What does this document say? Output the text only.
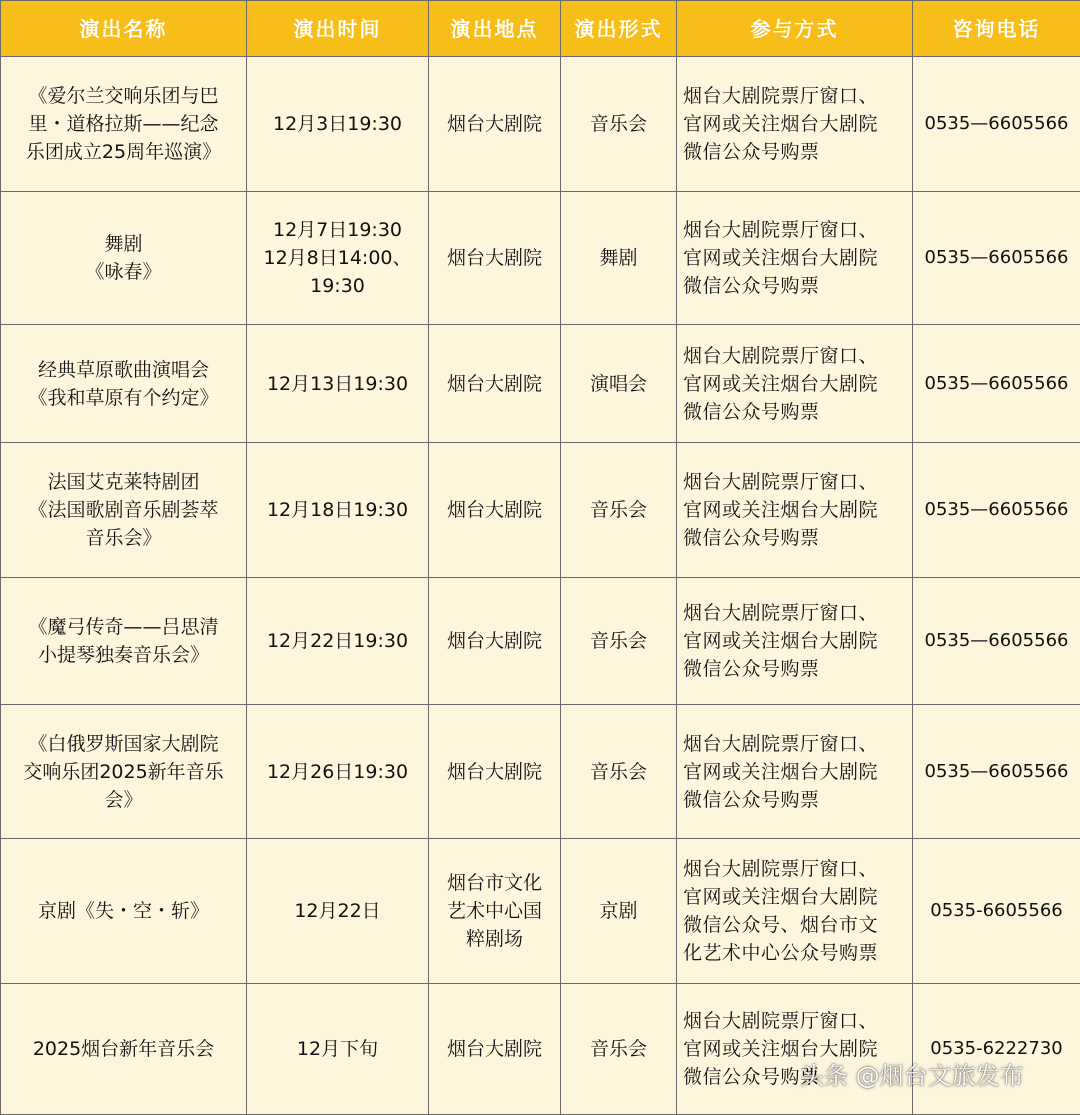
演出名称	演出时间	演出地点	演出形式	参与方式	咨询电话

《爱尔兰交响乐团与巴
里・道格拉斯——纪念
乐团成立25周年巡演》	12月3日19:30	烟台大剧院	音乐会	烟台大剧院票厅窗口、
官网或关注烟台大剧院
微信公众号购票	0535—6605566

舞剧
《咏春》	12月7日19:30
12月8日14:00、
19:30	烟台大剧院	舞剧	烟台大剧院票厅窗口、
官网或关注烟台大剧院
微信公众号购票	0535—6605566

经典草原歌曲演唱会
《我和草原有个约定》	12月13日19:30	烟台大剧院	演唱会	烟台大剧院票厅窗口、
官网或关注烟台大剧院
微信公众号购票	0535—6605566

法国艾克莱特剧团
《法国歌剧音乐剧荟萃
音乐会》	12月18日19:30	烟台大剧院	音乐会	烟台大剧院票厅窗口、
官网或关注烟台大剧院
微信公众号购票	0535—6605566

《魔弓传奇——吕思清
小提琴独奏音乐会》	12月22日19:30	烟台大剧院	音乐会	烟台大剧院票厅窗口、
官网或关注烟台大剧院
微信公众号购票	0535—6605566

《白俄罗斯国家大剧院
交响乐团2025新年音乐
会》	12月26日19:30	烟台大剧院	音乐会	烟台大剧院票厅窗口、
官网或关注烟台大剧院
微信公众号购票	0535—6605566

京剧《失・空・斩》	12月22日	烟台市文化
艺术中心国
粹剧场	京剧	烟台大剧院票厅窗口、
官网或关注烟台大剧院
微信公众号、烟台市文
化艺术中心公众号购票	0535-6605566

2025烟台新年音乐会	12月下旬	烟台大剧院	音乐会	烟台大剧院票厅窗口、
官网或关注烟台大剧院
微信公众号购票	0535-6222730
头条 @烟台文旅发布
